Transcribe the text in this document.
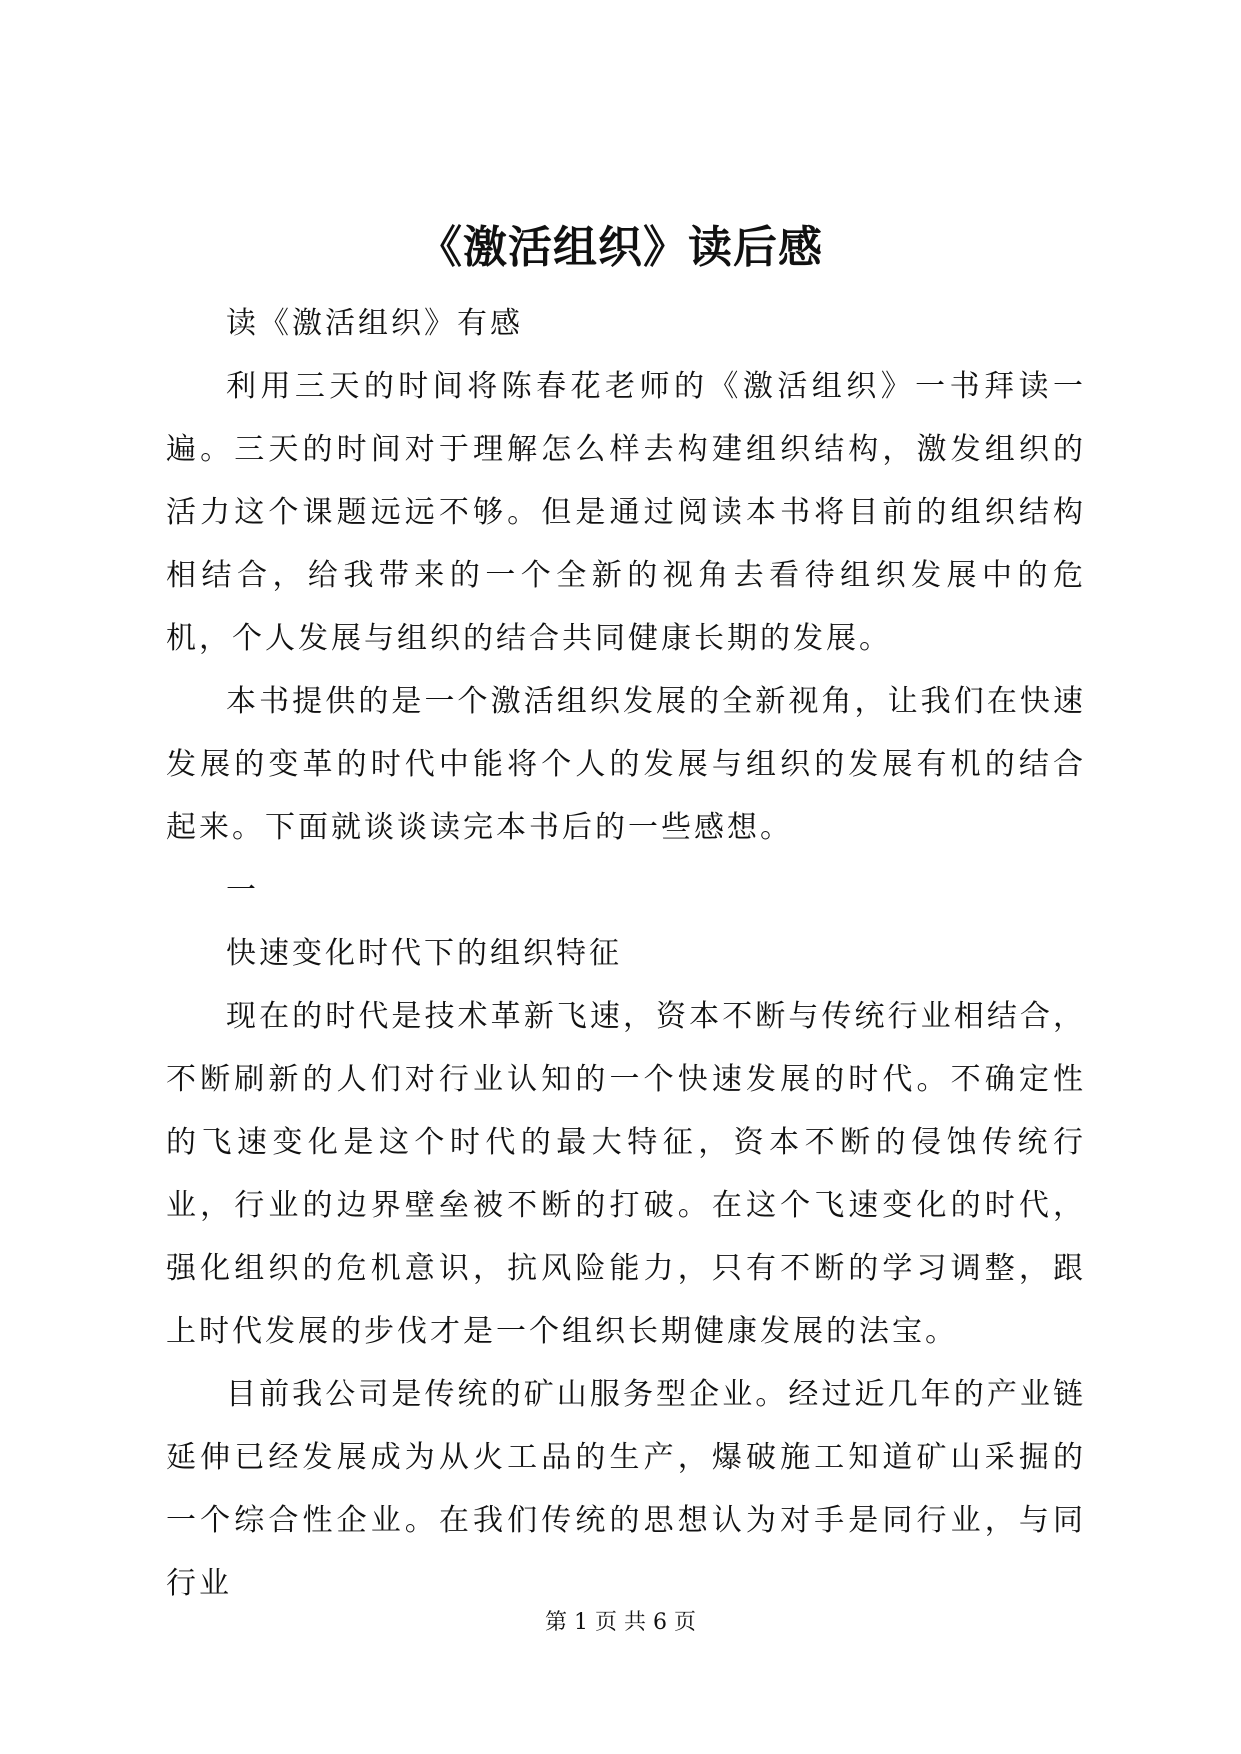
《激活组织》读后感

读《激活组织》有感

利用三天的时间将陈春花老师的《激活组织》一书拜读一遍。三天的时间对于理解怎么样去构建组织结构，激发组织的活力这个课题远远不够。但是通过阅读本书将目前的组织结构相结合，给我带来的一个全新的视角去看待组织发展中的危机，个人发展与组织的结合共同健康长期的发展。

本书提供的是一个激活组织发展的全新视角，让我们在快速发展的变革的时代中能将个人的发展与组织的发展有机的结合起来。下面就谈谈读完本书后的一些感想。

一

快速变化时代下的组织特征

现在的时代是技术革新飞速，资本不断与传统行业相结合，不断刷新的人们对行业认知的一个快速发展的时代。不确定性的飞速变化是这个时代的最大特征，资本不断的侵蚀传统行业，行业的边界壁垒被不断的打破。在这个飞速变化的时代，强化组织的危机意识，抗风险能力，只有不断的学习调整，跟上时代发展的步伐才是一个组织长期健康发展的法宝。

目前我公司是传统的矿山服务型企业。经过近几年的产业链延伸已经发展成为从火工品的生产，爆破施工知道矿山采掘的一个综合性企业。在我们传统的思想认为对手是同行业，与同行业

第 1 页 共 6 页
